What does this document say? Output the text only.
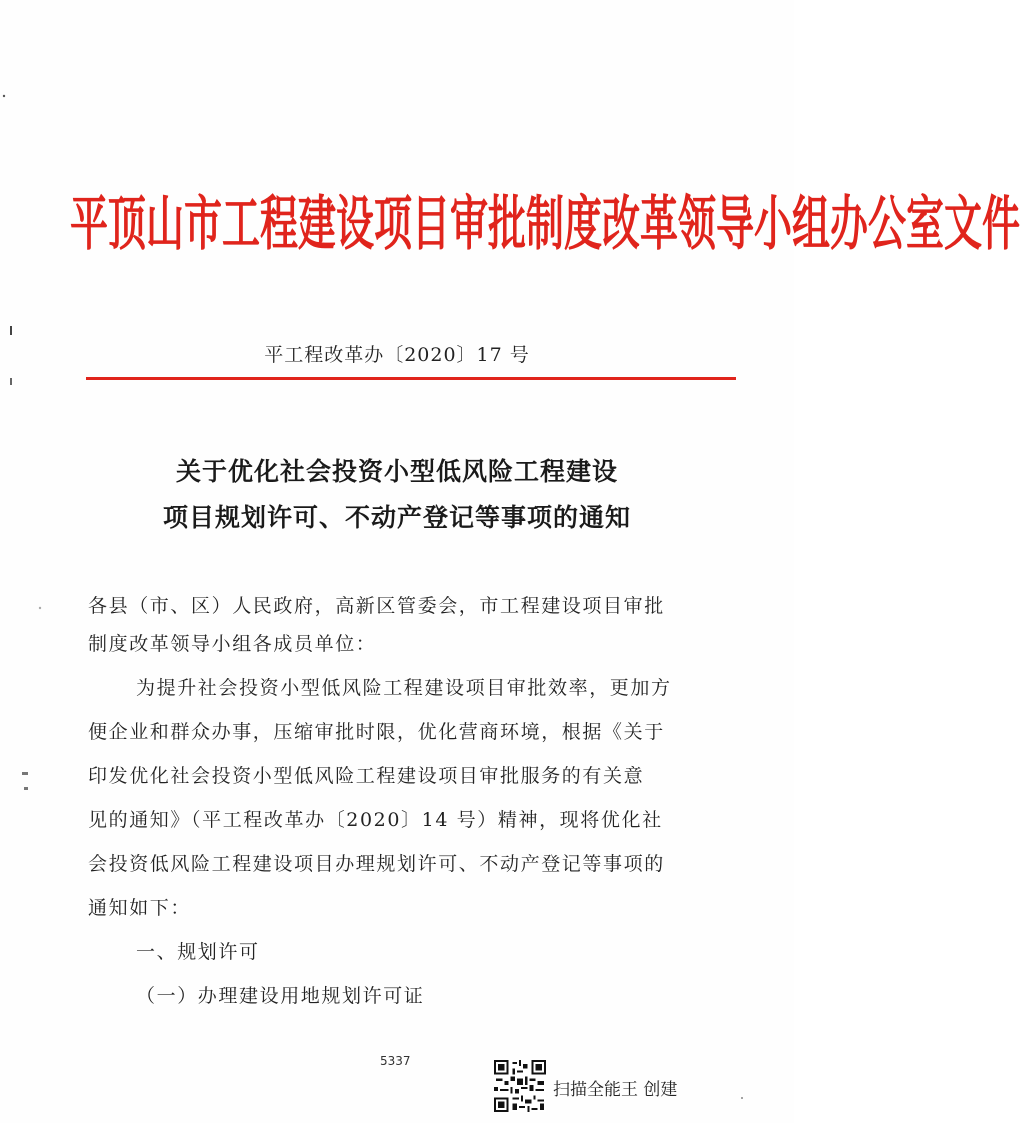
平顶山市工程建设项目审批制度改革领导小组办公室文件
平工程改革办〔2020〕17 号
关于优化社会投资小型低风险工程建设
项目规划许可、不动产登记等事项的通知
各县（市、区）人民政府，高新区管委会，市工程建设项目审批
制度改革领导小组各成员单位：
为提升社会投资小型低风险工程建设项目审批效率，更加方
便企业和群众办事，压缩审批时限，优化营商环境，根据《关于
印发优化社会投资小型低风险工程建设项目审批服务的有关意
见的通知》（平工程改革办〔2020〕14 号）精神，现将优化社
会投资低风险工程建设项目办理规划许可、不动产登记等事项的
通知如下：
一、规划许可
（一）办理建设用地规划许可证
5337
扫描全能王 创建
